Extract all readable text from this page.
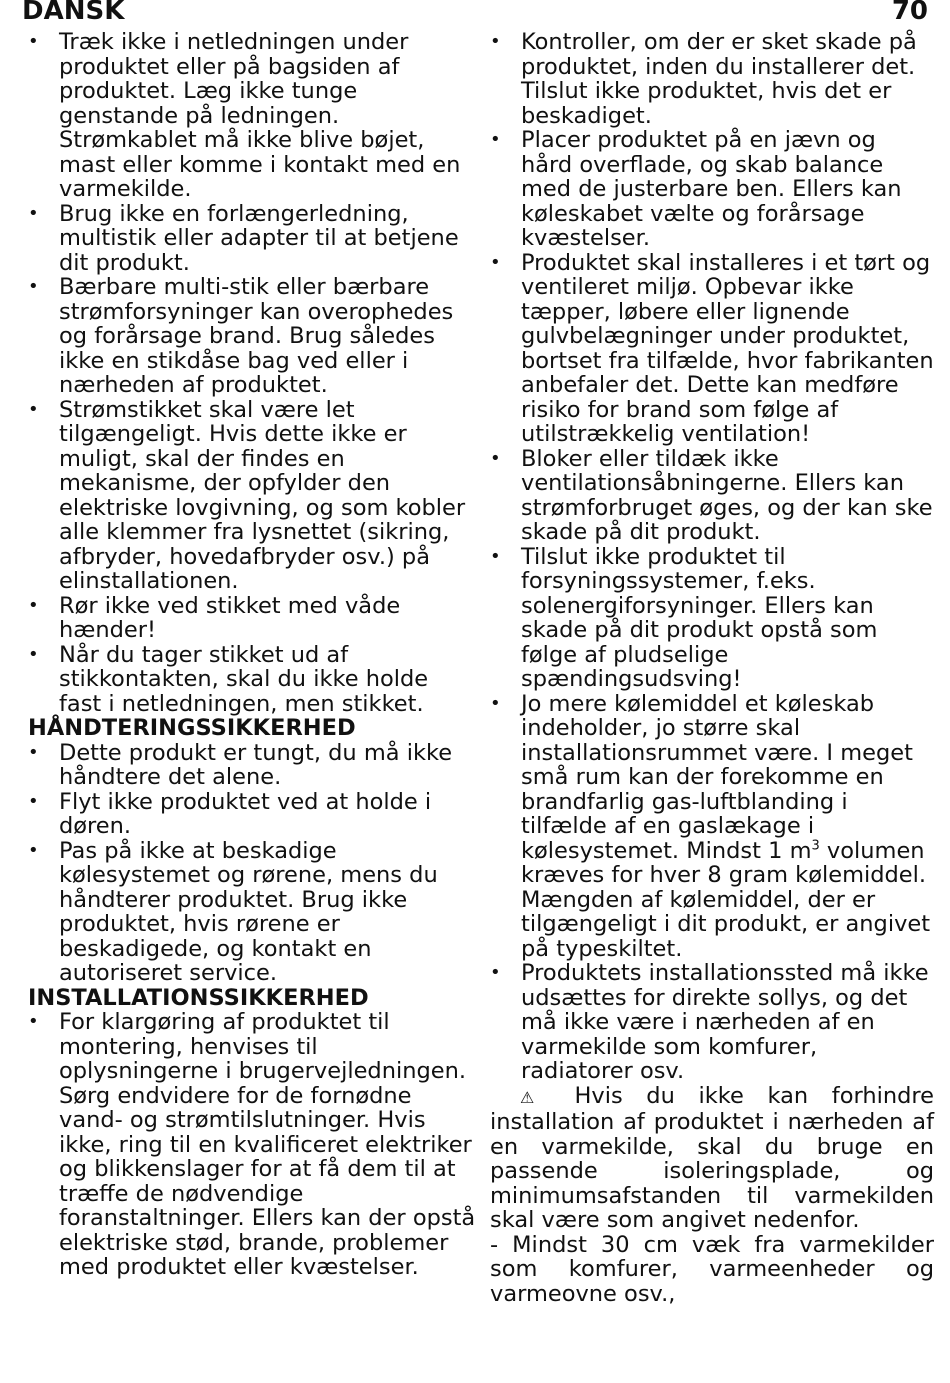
DANSK	70
• Træk ikke i netledningen under produktet eller på bagsiden af produktet. Læg ikke tunge genstande på ledningen. Strømkablet må ikke blive bøjet, mast eller komme i kontakt med en varmekilde.
• Brug ikke en forlængerledning, multistik eller adapter til at betjene dit produkt.
• Bærbare multi-stik eller bærbare strømforsyninger kan overophedes og forårsage brand. Brug således ikke en stikdåse bag ved eller i nærheden af produktet.
• Strømstikket skal være let tilgængeligt. Hvis dette ikke er muligt, skal der findes en mekanisme, der opfylder den elektriske lovgivning, og som kobler alle klemmer fra lysnettet (sikring, afbryder, hovedafbryder osv.) på elinstallationen.
• Rør ikke ved stikket med våde hænder!
• Når du tager stikket ud af stikkontakten, skal du ikke holde fast i netledningen, men stikket.
HÅNDTERINGSSIKKERHED
• Dette produkt er tungt, du må ikke håndtere det alene.
• Flyt ikke produktet ved at holde i døren.
• Pas på ikke at beskadige kølesystemet og rørene, mens du håndterer produktet. Brug ikke produktet, hvis rørene er beskadigede, og kontakt en autoriseret service.
INSTALLATIONSSIKKERHED
• For klargøring af produktet til montering, henvises til oplysningerne i brugervejledningen. Sørg endvidere for de fornødne vand- og strømtilslutninger. Hvis ikke, ring til en kvalificeret elektriker og blikkenslager for at få dem til at træffe de nødvendige foranstaltninger. Ellers kan der opstå elektriske stød, brande, problemer med produktet eller kvæstelser.
• Kontroller, om der er sket skade på produktet, inden du installerer det. Tilslut ikke produktet, hvis det er beskadiget.
• Placer produktet på en jævn og hård overflade, og skab balance med de justerbare ben. Ellers kan køleskabet vælte og forårsage kvæstelser.
• Produktet skal installeres i et tørt og ventileret miljø. Opbevar ikke tæpper, løbere eller lignende gulvbelægninger under produktet, bortset fra tilfælde, hvor fabrikanten anbefaler det. Dette kan medføre risiko for brand som følge af utilstrækkelig ventilation!
• Bloker eller tildæk ikke ventilationsåbningerne. Ellers kan strømforbruget øges, og der kan ske skade på dit produkt.
• Tilslut ikke produktet til forsyningssystemer, f.eks. solenergiforsyninger. Ellers kan skade på dit produkt opstå som følge af pludselige spændingsudsving!
• Jo mere kølemiddel et køleskab indeholder, jo større skal installationsrummet være. I meget små rum kan der forekomme en brandfarlig gas-luftblanding i tilfælde af en gaslækage i kølesystemet. Mindst 1 $m^3$ volumen kræves for hver 8 gram kølemiddel. Mængden af kølemiddel, der er tilgængeligt i dit produkt, er angivet på typeskiltet.
• Produktets installationssted må ikke udsættes for direkte sollys, og det må ikke være i nærheden af en varmekilde som komfurer, radiatorer osv.

⚠ Hvis du ikke kan forhindre installation af produktet i nærheden af en varmekilde, skal du bruge en passende isoleringsplade, og minimumsafstanden til varmekilden skal være som angivet nedenfor.

- Mindst 30 cm væk fra varmekilder som komfurer, varmeenheder og varmeovne osv.,
